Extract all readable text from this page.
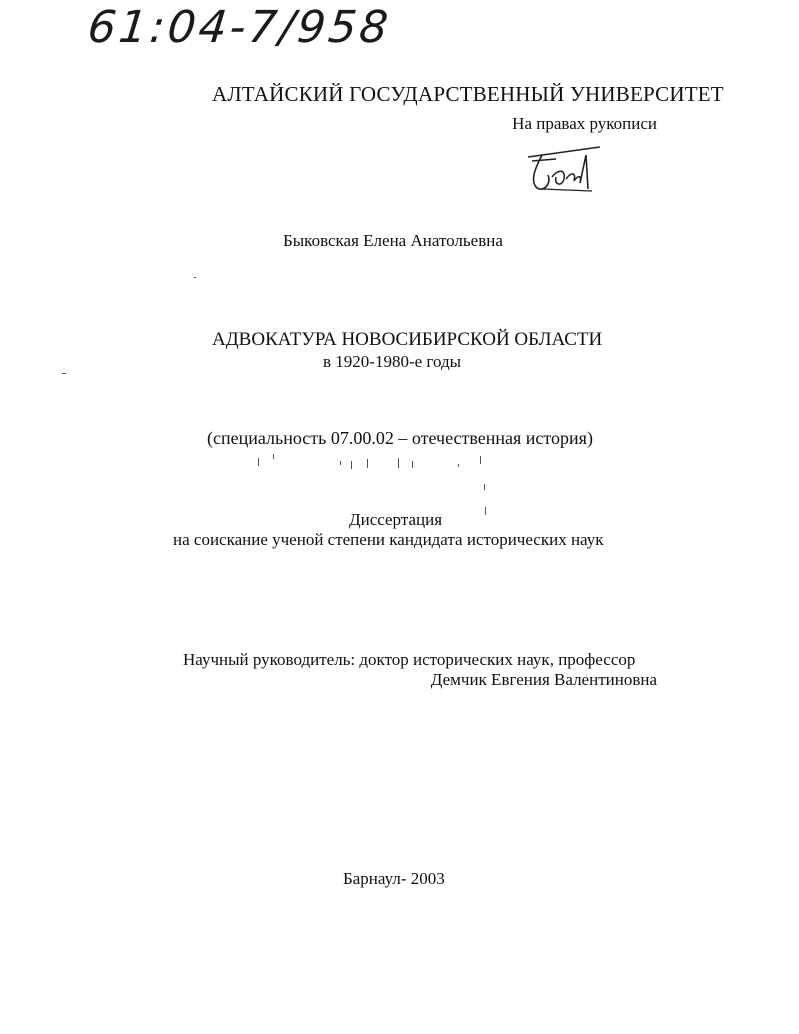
61:04-7/958
АЛТАЙСКИЙ ГОСУДАРСТВЕННЫЙ УНИВЕРСИТЕТ
На правах рукописи
Быковская Елена Анатольевна
АДВОКАТУРА НОВОСИБИРСКОЙ ОБЛАСТИ
в 1920-1980-е годы
(специальность 07.00.02 – отечественная история)
Диссертация
на соискание ученой степени кандидата исторических наук
Научный руководитель: доктор исторических наук, профессор
Демчик Евгения Валентиновна
Барнаул- 2003
